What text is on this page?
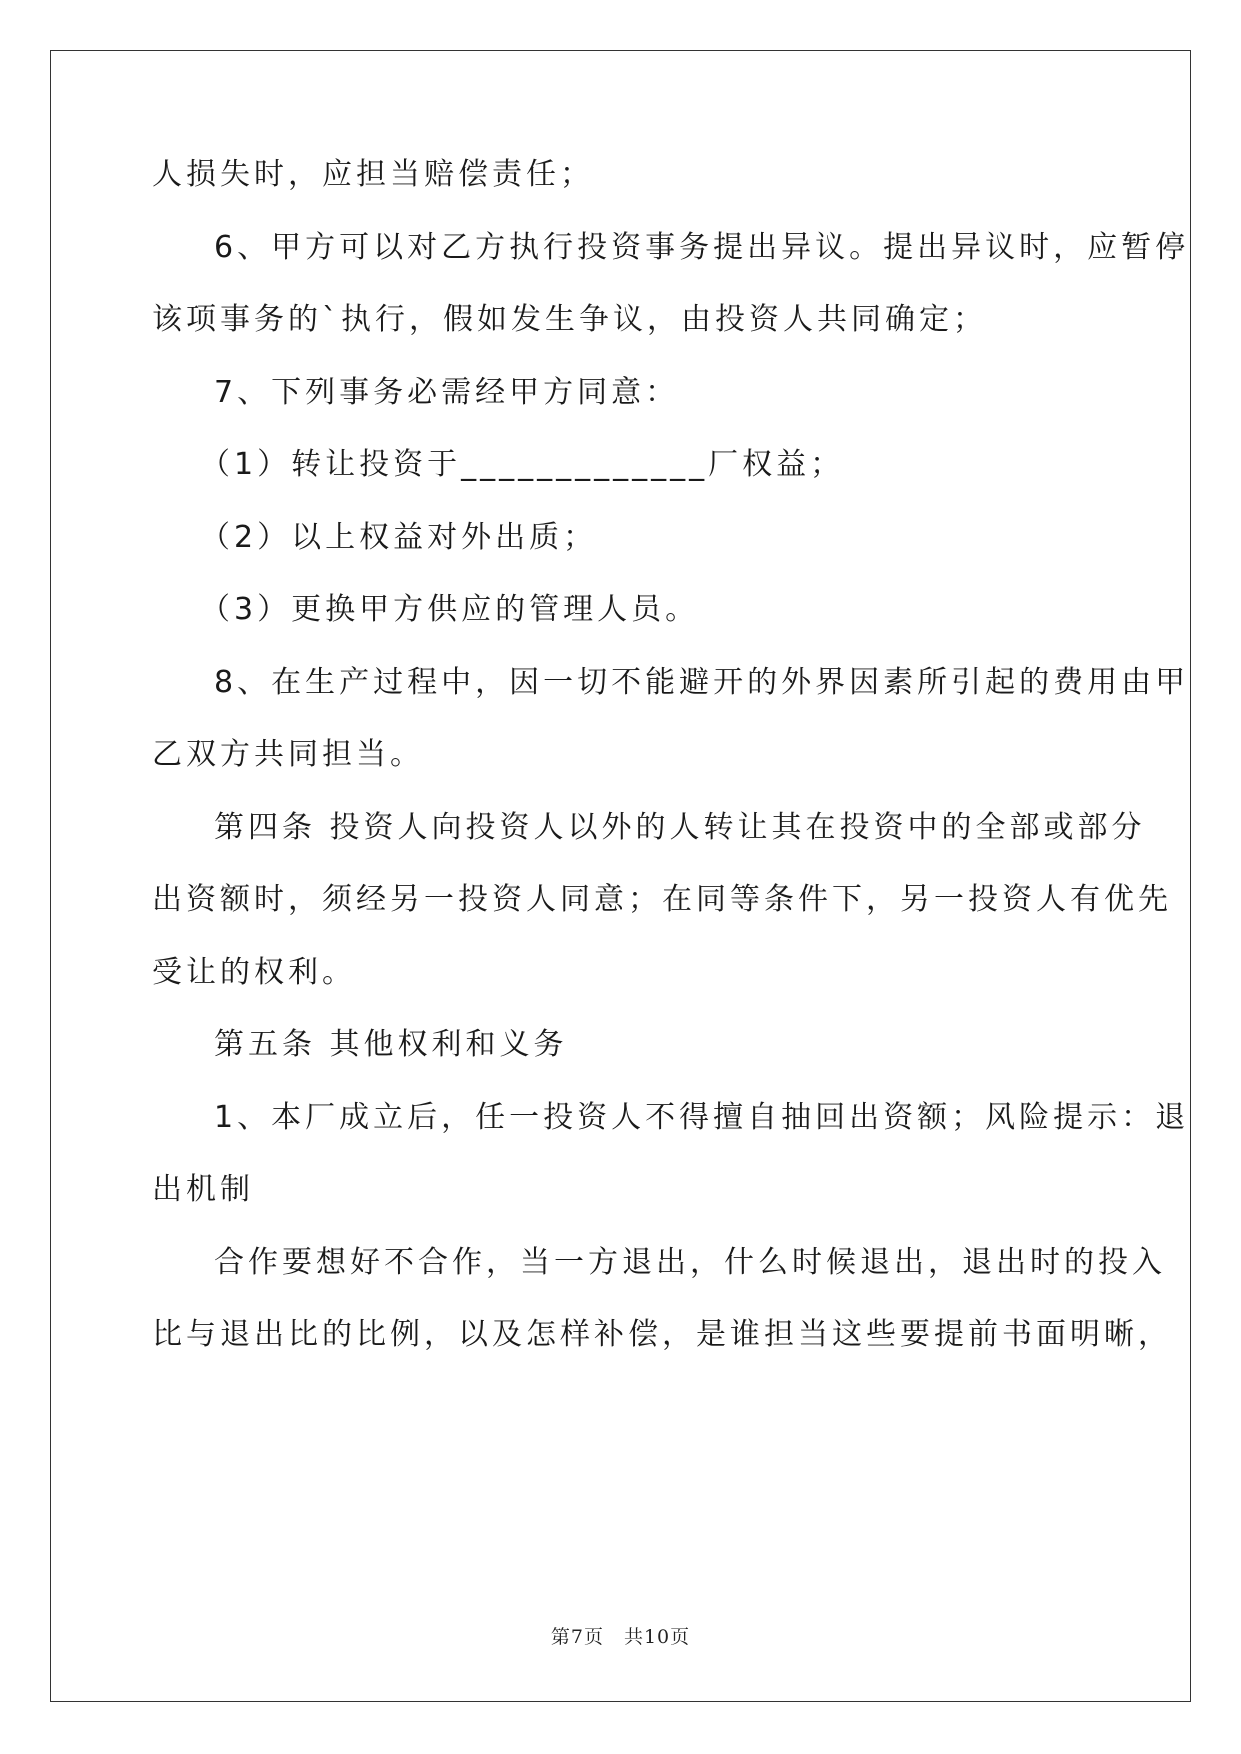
人损失时，应担当赔偿责任；
6、甲方可以对乙方执行投资事务提出异议。提出异议时，应暂停
该项事务的`执行，假如发生争议，由投资人共同确定；
7、下列事务必需经甲方同意：
（1）转让投资于_____________厂权益；
（2）以上权益对外出质；
（3）更换甲方供应的管理人员。
8、在生产过程中，因一切不能避开的外界因素所引起的费用由甲
乙双方共同担当。
第四条 投资人向投资人以外的人转让其在投资中的全部或部分
出资额时，须经另一投资人同意；在同等条件下，另一投资人有优先
受让的权利。
第五条 其他权利和义务
1、本厂成立后，任一投资人不得擅自抽回出资额；风险提示：退
出机制
合作要想好不合作，当一方退出，什么时候退出，退出时的投入
比与退出比的比例，以及怎样补偿，是谁担当这些要提前书面明晰，
第7页　共10页
